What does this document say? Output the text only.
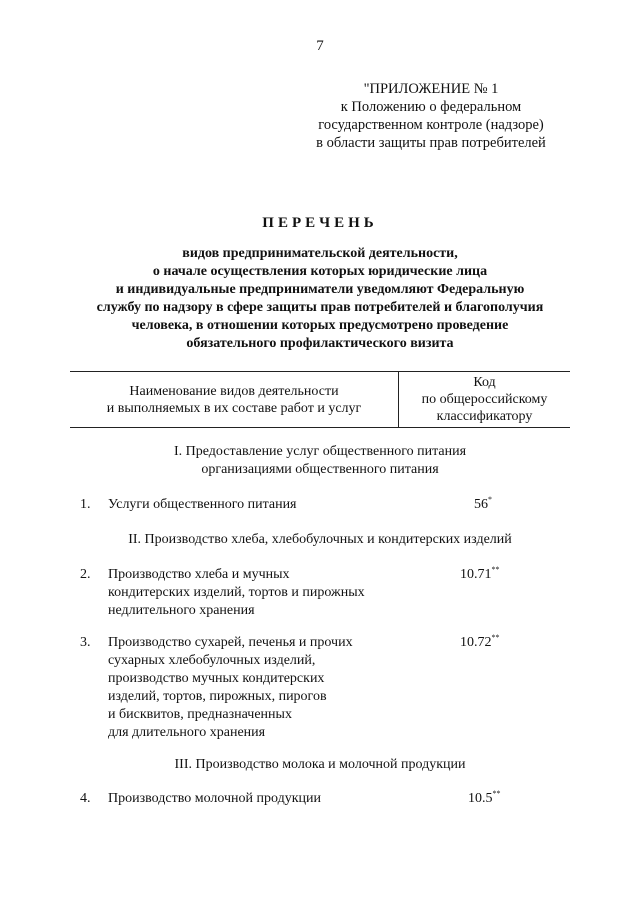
7
"ПРИЛОЖЕНИЕ № 1
к Положению о федеральном
государственном контроле (надзоре)
в области защиты прав потребителей
ПЕРЕЧЕНЬ
видов предпринимательской деятельности,
о начале осуществления которых юридические лица
и индивидуальные предприниматели уведомляют Федеральную
службу по надзору в сфере защиты прав потребителей и благополучия
человека, в отношении которых предусмотрено проведение
обязательного профилактического визита
Наименование видов деятельности
и выполняемых в их составе работ и услуг
Код
по общероссийскому
классификатору
I. Предоставление услуг общественного питания
организациями общественного питания
1. Услуги общественного питания	56*
II. Производство хлеба, хлебобулочных и кондитерских изделий
2. Производство хлеба и мучных
кондитерских изделий, тортов и пирожных
недлительного хранения
10.71**
3. Производство сухарей, печенья и прочих
сухарных хлебобулочных изделий,
производство мучных кондитерских
изделий, тортов, пирожных, пирогов
и бисквитов, предназначенных
для длительного хранения
10.72**
III. Производство молока и молочной продукции
4. Производство молочной продукции	10.5**
